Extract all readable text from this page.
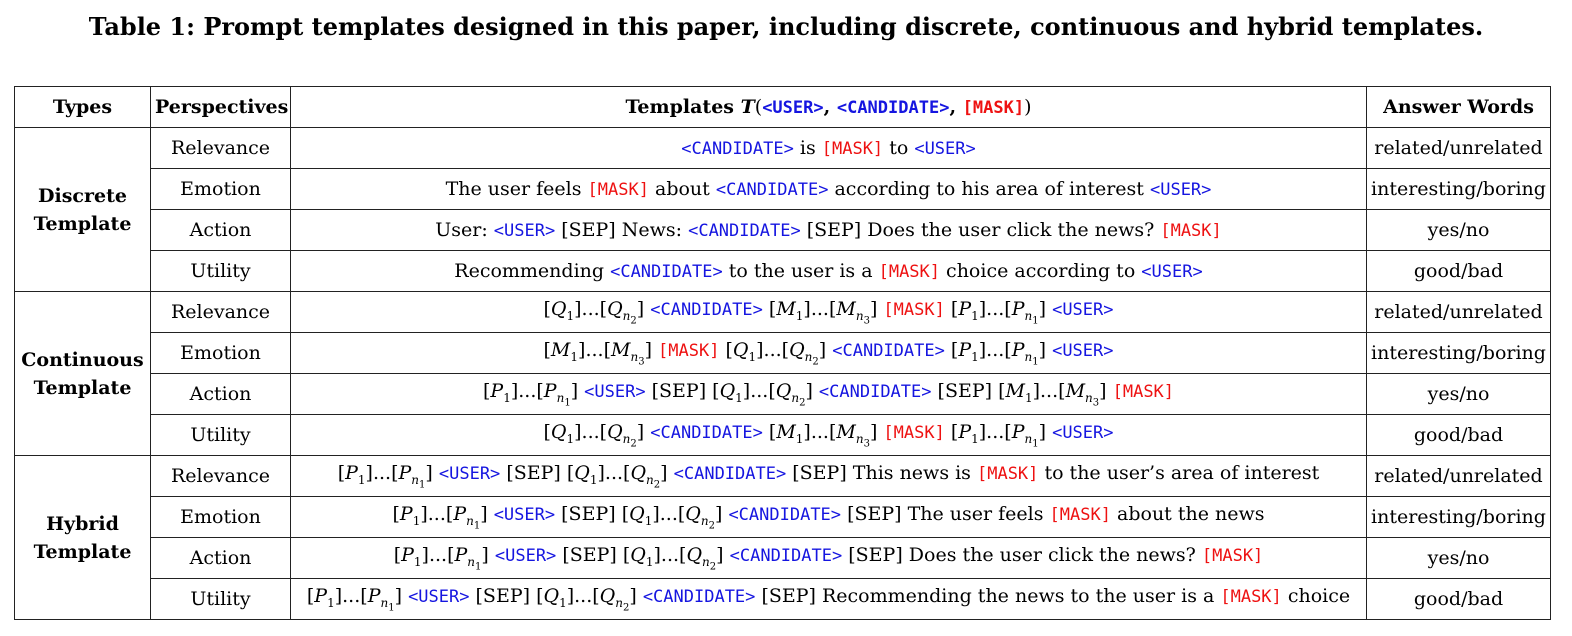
Table 1: Prompt templates designed in this paper, including discrete, continuous and hybrid templates.
Types	Perspectives	Templates T(<USER>, <CANDIDATE>, [MASK])	Answer Words

Discrete
Template	Relevance	<CANDIDATE> is [MASK] to <USER>	related/unrelated
	Emotion	The user feels [MASK] about <CANDIDATE> according to his area of interest <USER>	interesting/boring
	Action	User: <USER> [SEP] News: <CANDIDATE> [SEP] Does the user click the news? [MASK]	yes/no
	Utility	Recommending <CANDIDATE> to the user is a [MASK] choice according to <USER>	good/bad

Continuous
Template	Relevance	$[Q_1]...[Q_{n_2}]$ <CANDIDATE> $[M_1]...[M_{n_3}]$ [MASK] $[P_1]...[P_{n_1}]$ <USER>	related/unrelated
	Emotion	$[M_1]...[M_{n_3}]$ [MASK] $[Q_1]...[Q_{n_2}]$ <CANDIDATE> $[P_1]...[P_{n_1}]$ <USER>	interesting/boring
	Action	$[P_1]...[P_{n_1}]$ <USER> [SEP] $[Q_1]...[Q_{n_2}]$ <CANDIDATE> [SEP] $[M_1]...[M_{n_3}]$ [MASK]	yes/no
	Utility	$[Q_1]...[Q_{n_2}]$ <CANDIDATE> $[M_1]...[M_{n_3}]$ [MASK] $[P_1]...[P_{n_1}]$ <USER>	good/bad

Hybrid
Template	Relevance	$[P_1]...[P_{n_1}]$ <USER> [SEP] $[Q_1]...[Q_{n_2}]$ <CANDIDATE> [SEP] This news is [MASK] to the user’s area of interest	related/unrelated
	Emotion	$[P_1]...[P_{n_1}]$ <USER> [SEP] $[Q_1]...[Q_{n_2}]$ <CANDIDATE> [SEP] The user feels [MASK] about the news	interesting/boring
	Action	$[P_1]...[P_{n_1}]$ <USER> [SEP] $[Q_1]...[Q_{n_2}]$ <CANDIDATE> [SEP] Does the user click the news? [MASK]	yes/no
	Utility	$[P_1]...[P_{n_1}]$ <USER> [SEP] $[Q_1]...[Q_{n_2}]$ <CANDIDATE> [SEP] Recommending the news to the user is a [MASK] choice	good/bad
